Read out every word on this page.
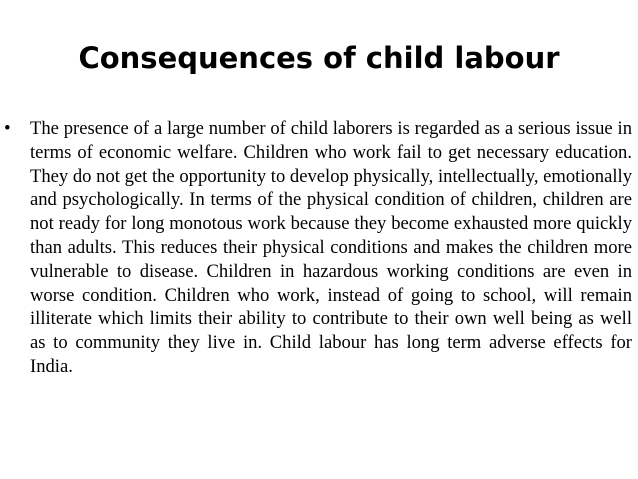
Consequences of child labour
•	The presence of a large number of child laborers is regarded as a serious issue in terms of economic welfare. Children who work fail to get necessary education. They do not get the opportunity to develop physically, intellectually, emotionally and psychologically. In terms of the physical condition of children, children are not ready for long monotous work because they become exhausted more quickly than adults. This reduces their physical conditions and makes the children more vulnerable to disease. Children in hazardous working conditions are even in worse condition. Children who work, instead of going to school, will remain illiterate which limits their ability to contribute to their own well being as well as to community they live in. Child labour has long term adverse effects for India.
